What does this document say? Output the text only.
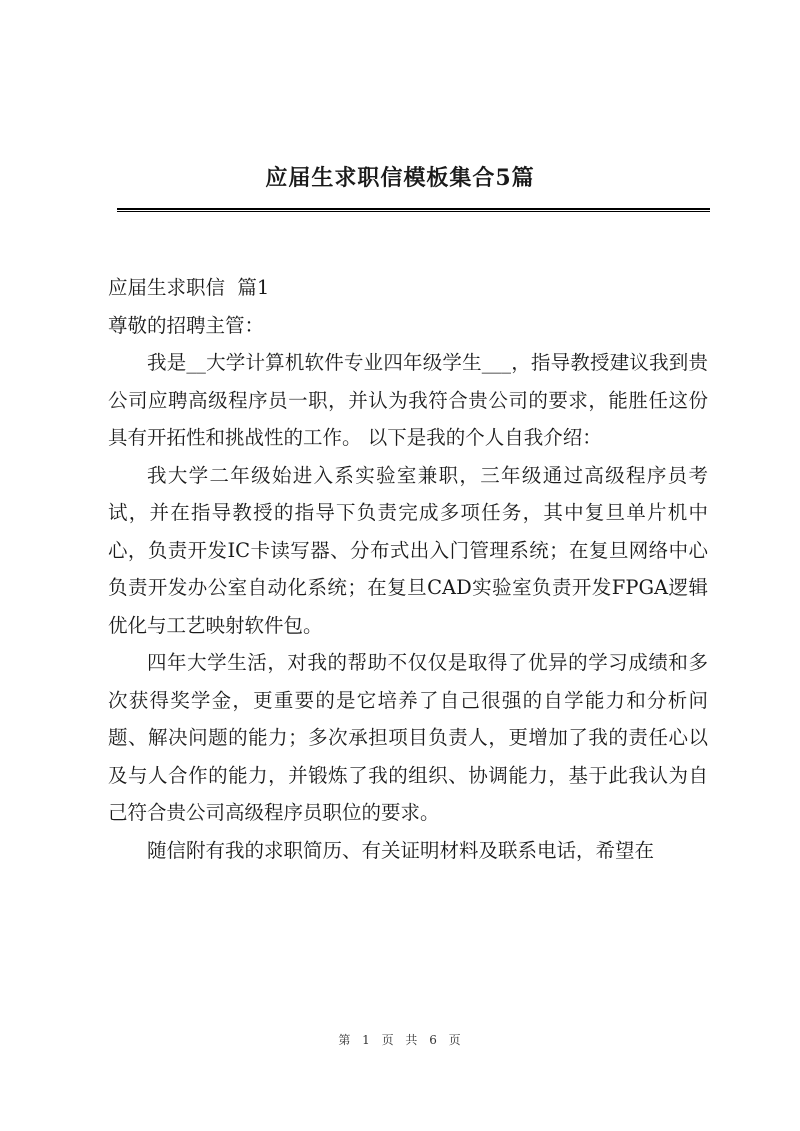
应届生求职信模板集合5篇

应届生求职信  篇1

尊敬的招聘主管：

我是__大学计算机软件专业四年级学生___，指导教授建议我到贵公司应聘高级程序员一职，并认为我符合贵公司的要求，能胜任这份具有开拓性和挑战性的工作。 以下是我的个人自我介绍：

我大学二年级始进入系实验室兼职，三年级通过高级程序员考试，并在指导教授的指导下负责完成多项任务，其中复旦单片机中心，负责开发IC卡读写器、分布式出入门管理系统；在复旦网络中心负责开发办公室自动化系统；在复旦CAD实验室负责开发FPGA逻辑优化与工艺映射软件包。

四年大学生活，对我的帮助不仅仅是取得了优异的学习成绩和多次获得奖学金，更重要的是它培养了自己很强的自学能力和分析问题、解决问题的能力；多次承担项目负责人，更增加了我的责任心以及与人合作的能力，并锻炼了我的组织、协调能力，基于此我认为自己符合贵公司高级程序员职位的要求。

随信附有我的求职简历、有关证明材料及联系电话，希望在

第 1 页 共 6 页
